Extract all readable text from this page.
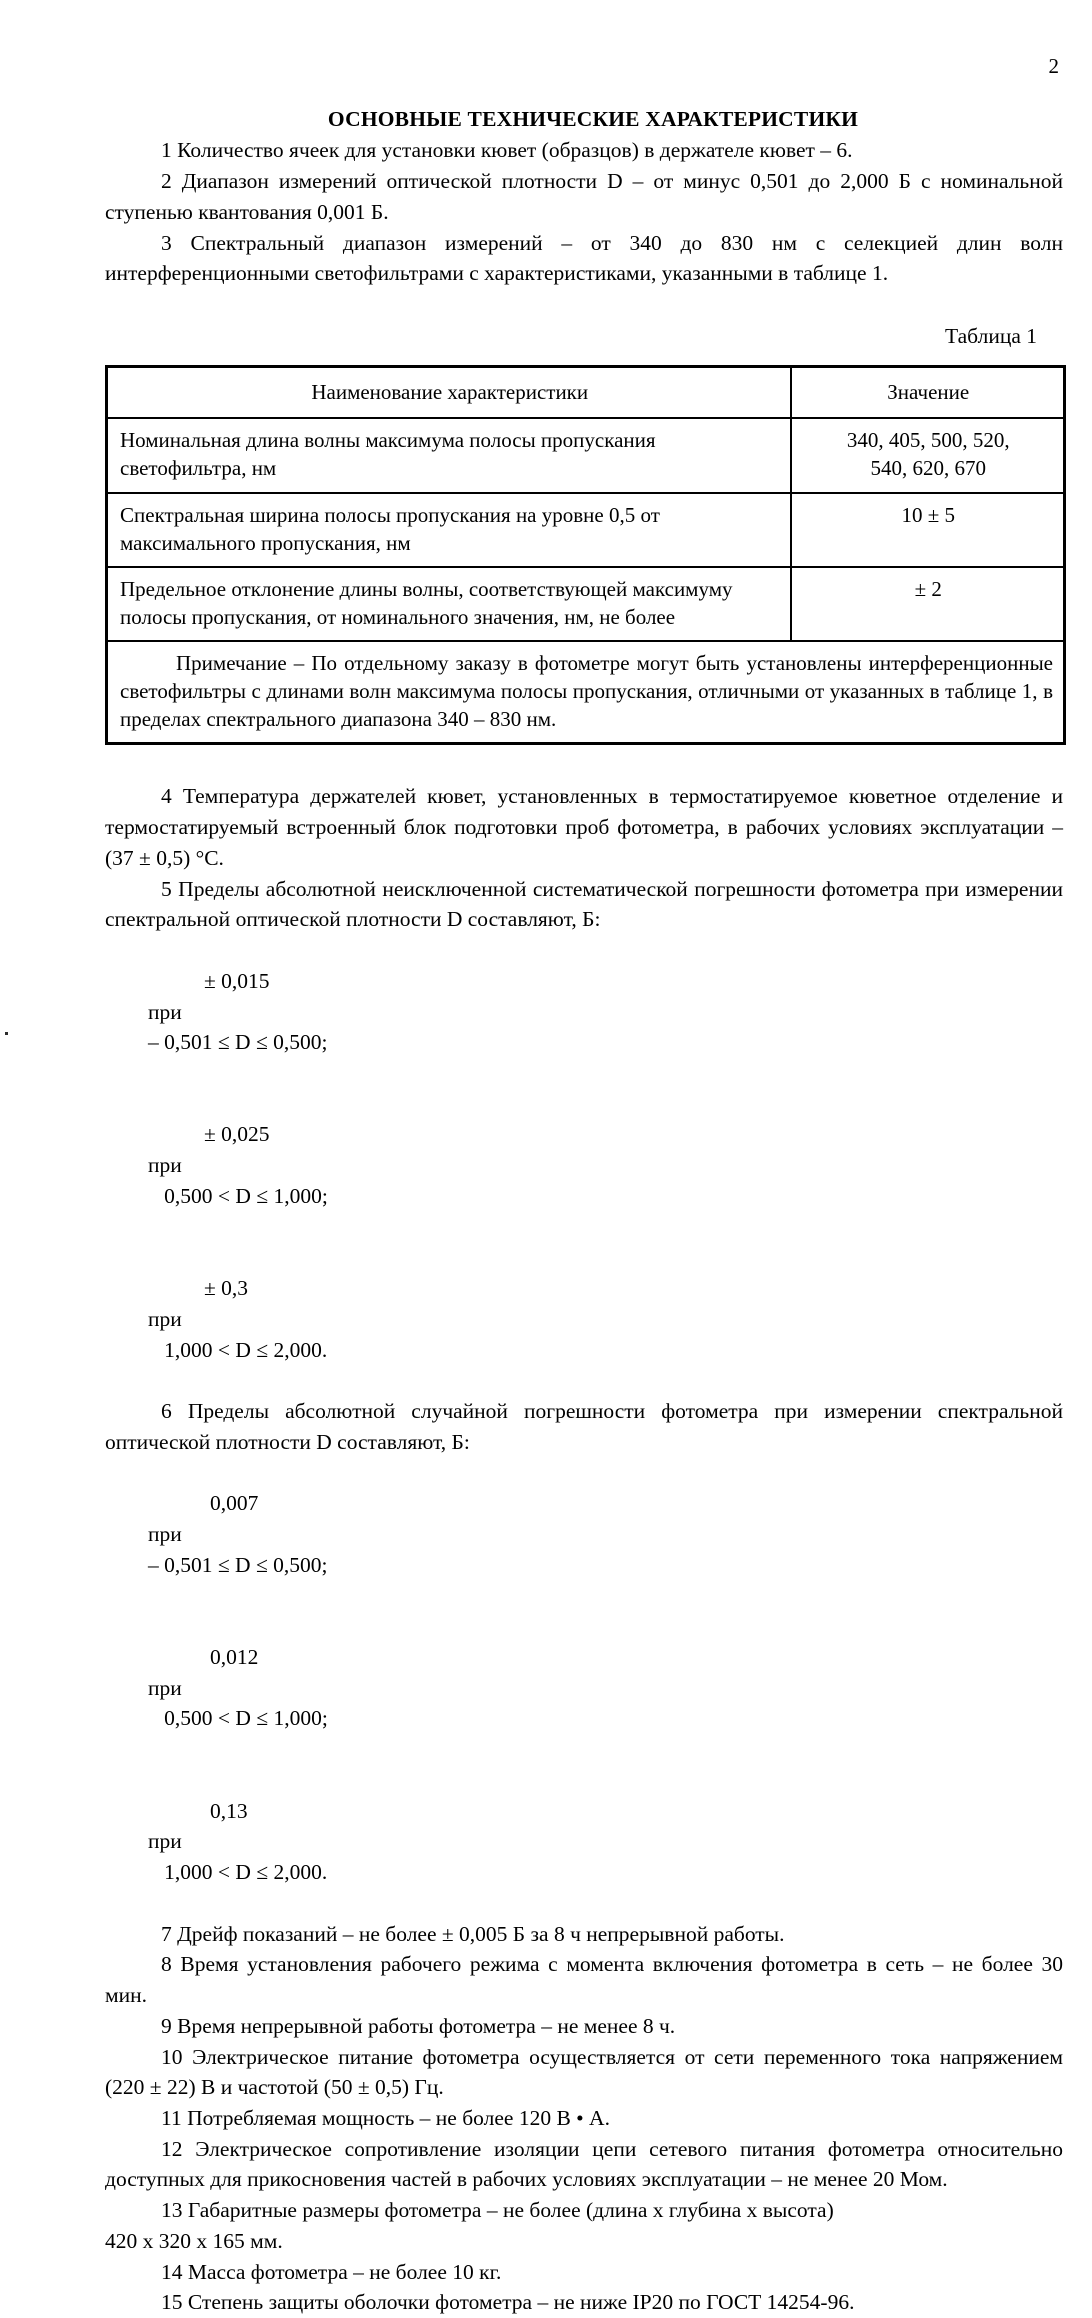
2
ОСНОВНЫЕ ТЕХНИЧЕСКИЕ ХАРАКТЕРИСТИКИ

1 Количество ячеек для установки кювет (образцов) в держателе кювет – 6.

2 Диапазон измерений оптической плотности D – от минус 0,501 до 2,000 Б с номинальной ступенью квантования 0,001 Б.

3 Спектральный диапазон измерений – от 340 до 830 нм с селекцией длин волн интерференционными светофильтрами с характеристиками, указанными в таблице 1.

Таблица 1

Наименование характеристики	Значение
Номинальная длина волны максимума полосы пропускания светофильтра, нм	340, 405, 500, 520,
540, 620, 670
Спектральная ширина полосы пропускания на уровне 0,5 от максимального пропускания, нм	10 ± 5
Предельное отклонение длины волны, соответствующей максимуму полосы пропускания, от номинального значения, нм, не более	± 2
Примечание – По отдельному заказу в фотометре могут быть установлены интерференционные светофильтры с длинами волн максимума полосы пропускания, отличными от указанных в таблице 1, в пределах спектрального диапазона 340 – 830 нм.	

4 Температура держателей кювет, установленных в термостатируемое кюветное отделение и термостатируемый встроенный блок подготовки проб фотометра, в рабочих условиях эксплуатации – (37 ± 0,5) °С.

5 Пределы абсолютной неисключенной систематической погрешности фотометра при измерении спектральной оптической плотности D составляют, Б:

± 0,015
при
– 0,501 ≤ D ≤ 0,500;

± 0,025
при
0,500 < D ≤ 1,000;

± 0,3
при
1,000 < D ≤ 2,000.

6 Пределы абсолютной случайной погрешности фотометра при измерении спектральной оптической плотности D составляют, Б:

0,007
при
– 0,501 ≤ D ≤ 0,500;

0,012
при
0,500 < D ≤ 1,000;

0,13
при
1,000 < D ≤ 2,000.

7 Дрейф показаний – не более ± 0,005 Б за 8 ч непрерывной работы.

8 Время установления рабочего режима с момента включения фотометра в сеть – не более 30 мин.

9 Время непрерывной работы фотометра – не менее 8 ч.

10 Электрическое питание фотометра осуществляется от сети переменного тока напряжением (220 ± 22) В и частотой (50 ± 0,5) Гц.

11 Потребляемая мощность – не более 120 В • А.

12 Электрическое сопротивление изоляции цепи сетевого питания фотометра относительно доступных для прикосновения частей в рабочих условиях эксплуатации – не менее 20 Мом.

13 Габаритные размеры фотометра – не более (длина x глубина x высота)
420 x 320 x 165 мм.

14 Масса фотометра – не более 10 кг.

15 Степень защиты оболочки фотометра – не ниже IP20 по ГОСТ 14254-96.
